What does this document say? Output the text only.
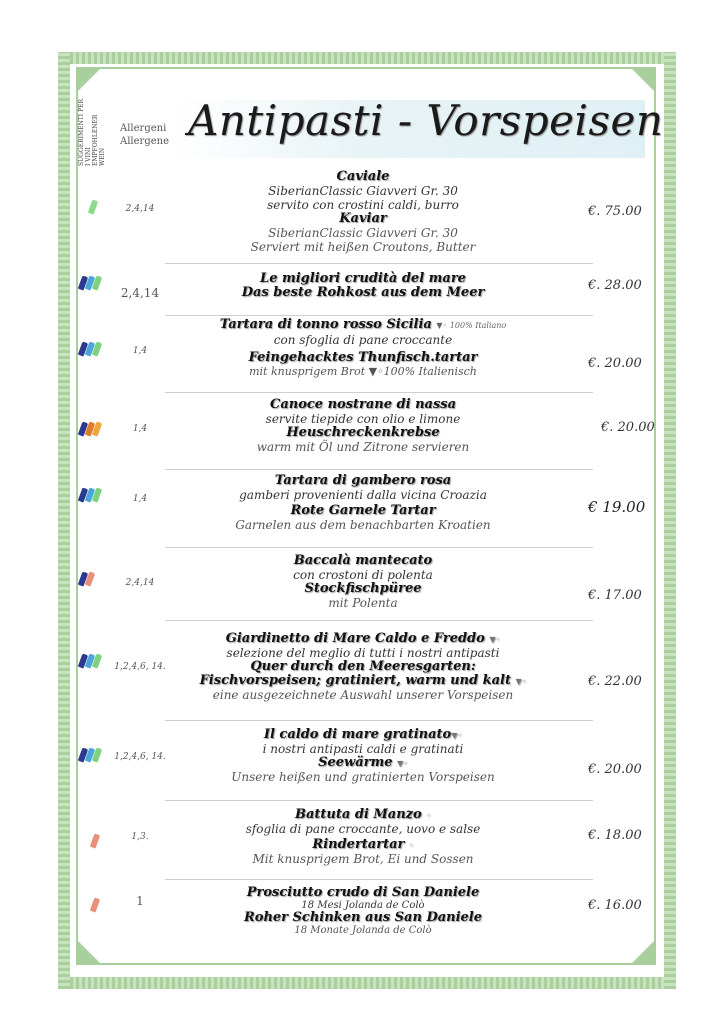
SUGGERIMENTI PER I VINI EMPFOHLENER WEIN
Allergeni
Allergene Antipasti - Vorspeisen
2,4,14
Caviale
SiberianClassic Giavveri Gr. 30
servito con crostini caldi, burro
Kaviar
SiberianClassic Giavveri Gr. 30
Serviert mit heißen Croutons, Butter
€. 75.00
2,4,14
Le migliori crudità del mare
Das beste Rohkost aus dem Meer	€. 28.00
1,4
Tartara di tonno rosso Sicilia ▼◦ 100% Italiano
con sfoglia di pane croccante
Feingehacktes Thunfisch.tartar
mit knusprigem Brot ▼◦100% Italienisch
€. 20.00
1,4
Canoce nostrane di nassa
servite tiepide con olio e limone
Heuschreckenkrebse
warm mit Öl und Zitrone servieren
€. 20.00
1,4
Tartara di gambero rosa
gamberi provenienti dalla vicina Croazia
Rote Garnele Tartar
Garnelen aus dem benachbarten Kroatien
€ 19.00
2,4,14
Baccalà mantecato
con crostoni di polenta
Stockfischpüree
mit Polenta	€. 17.00
1,2,4,6, 14.
Giardinetto di Mare Caldo e Freddo ▼◦
selezione del meglio di tutti i nostri antipasti
Quer durch den Meeresgarten:
Fischvorspeisen; gratiniert, warm und kalt ▼◦
eine ausgezeichnete Auswahl unserer Vorspeisen
€. 22.00
1,2,4,6, 14.
Il caldo di mare gratinato▼◦
i nostri antipasti caldi e gratinati
Seewärme ▼◦
Unsere heißen und gratinierten Vorspeisen	€. 20.00
1,3.
Battuta di Manzo ◦
sfoglia di pane croccante, uovo e salse
Rindertartar ◦
Mit knusprigem Brot, Ei und Sossen
€. 18.00
1
Prosciutto crudo di San Daniele
18 Mesi Jolanda de Colò
Roher Schinken aus San Daniele
18 Monate Jolanda de Colò
€. 16.00
